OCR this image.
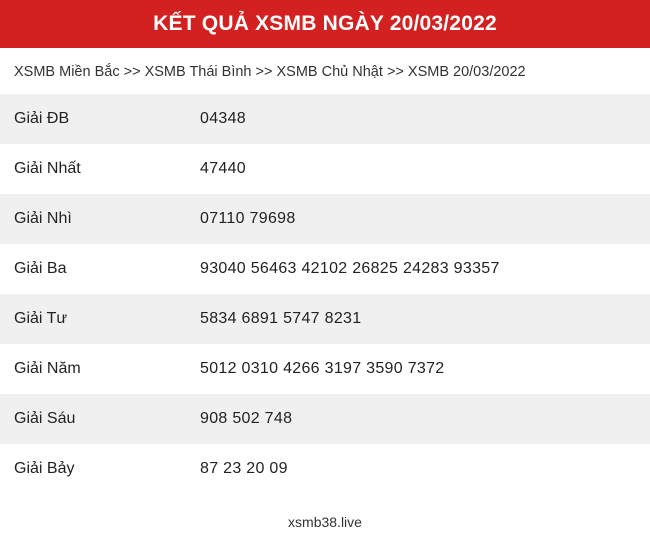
KẾT QUẢ XSMB NGÀY 20/03/2022
XSMB Miền Bắc >> XSMB Thái Bình >> XSMB Chủ Nhật >> XSMB 20/03/2022
Giải ĐB	04348
Giải Nhất	47440
Giải Nhì	07110 79698
Giải Ba	93040 56463 42102 26825 24283 93357
Giải Tư	5834 6891 5747 8231
Giải Năm	5012 0310 4266 3197 3590 7372
Giải Sáu	908 502 748
Giải Bảy	87 23 20 09
xsmb38.live
